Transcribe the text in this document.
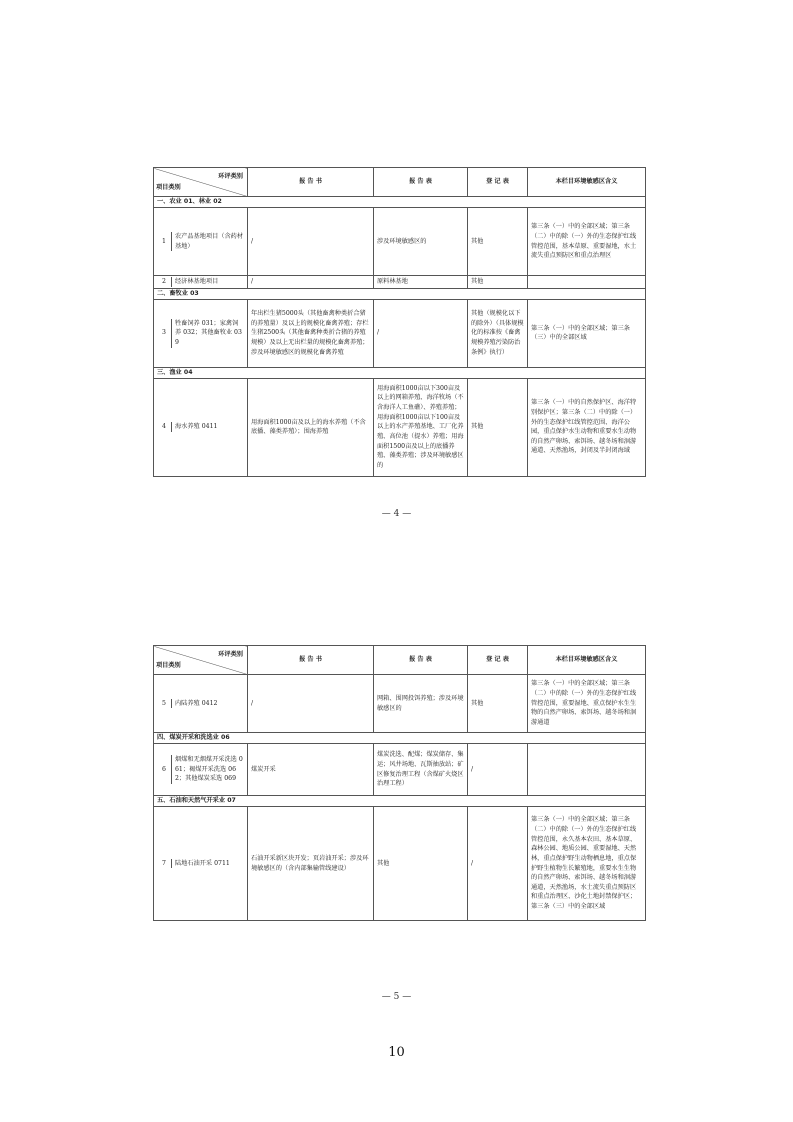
环评类别
项目类别	报 告 书	报 告 表	登 记 表	本栏目环境敏感区含义
一、农业 01、林业 02				

1
农产品基地项目（含药材基地）	/	涉及环境敏感区的	其他	第三条（一）中的全部区域；第三条（二）中的除（一）外的生态保护红线管控范围，基本草原、重要湿地，水土流失重点预防区和重点治理区

2 经济林基地项目	/	原料林基地	其他	
二、畜牧业 03				

3
牲畜饲养 031；家禽饲养 032；其他畜牧业 039	年出栏生猪5000头（其他畜禽种类折合猪的养殖量）及以上的规模化畜禽养殖；存栏生猪2500头（其他畜禽种类折合猪的养殖规模）及以上无出栏量的规模化畜禽养殖；涉及环境敏感区的规模化畜禽养殖	/	其他（规模化以下的除外）（具体规模化的标准按《畜禽规模养殖污染防治条例》执行）	第三条（一）中的全部区域；第三条（三）中的全部区域
三、渔业 04				

4 海水养殖 0411	用海面积1000亩及以上的海水养殖（不含底播、藻类养殖）；围海养殖	用海面积1000亩以下300亩及以上的网箱养殖、海洋牧场（不含海洋人工鱼礁）、养殖养殖；用海面积1000亩以下100亩及以上的水产养殖基地、工厂化养殖、高位池（提水）养殖；用海面积1500亩及以上的底播养殖、藻类养殖；涉及环境敏感区的	其他	第三条（一）中的自然保护区、海洋特别保护区；第三条（二）中的除（一）外的生态保护红线管控范围、海洋公园，重点保护水生动物和重要水生动物的自然产卵场、索饵场、越冬场和洄游通道、天然渔场，封闭及半封闭海域
— 4 —
环评类别
项目类别	报 告 书	报 告 表	登 记 表	本栏目环境敏感区含义

5 内陆养殖 0412	/	网箱、围网投饵养殖；涉及环境敏感区的	其他	第三条（一）中的全部区域；第三条（二）中的除（一）外的生态保护红线管控范围，重要湿地、重点保护水生生物的自然产卵场、索饵场、越冬场和洄游通道
四、煤炭开采和洗选业 06				

6
烟煤和无烟煤开采洗选 061；褐煤开采洗选 062；其他煤炭采选 069	煤炭开采	煤炭洗选、配煤；煤炭储存、集运；风井场地、瓦斯抽放站；矿区修复治理工程（含煤矿火烧区治理工程）	/	
五、石油和天然气开采业 07				

7 陆地石油开采 0711	石油开采新区块开发；页岩油开采；涉及环境敏感区的（含内部集输管线建设）	其他	/	第三条（一）中的全部区域；第三条（二）中的除（一）外的生态保护红线管控范围，永久基本农田、基本草原、森林公园、地质公园、重要湿地、天然林，重点保护野生动物栖息地，重点保护野生植物生长繁殖地，重要水生生物的自然产卵场、索饵场、越冬场和洄游通道，天然渔场，水土流失重点预防区和重点治理区、沙化土地封禁保护区；第三条（三）中的全部区域
— 5 —
10
